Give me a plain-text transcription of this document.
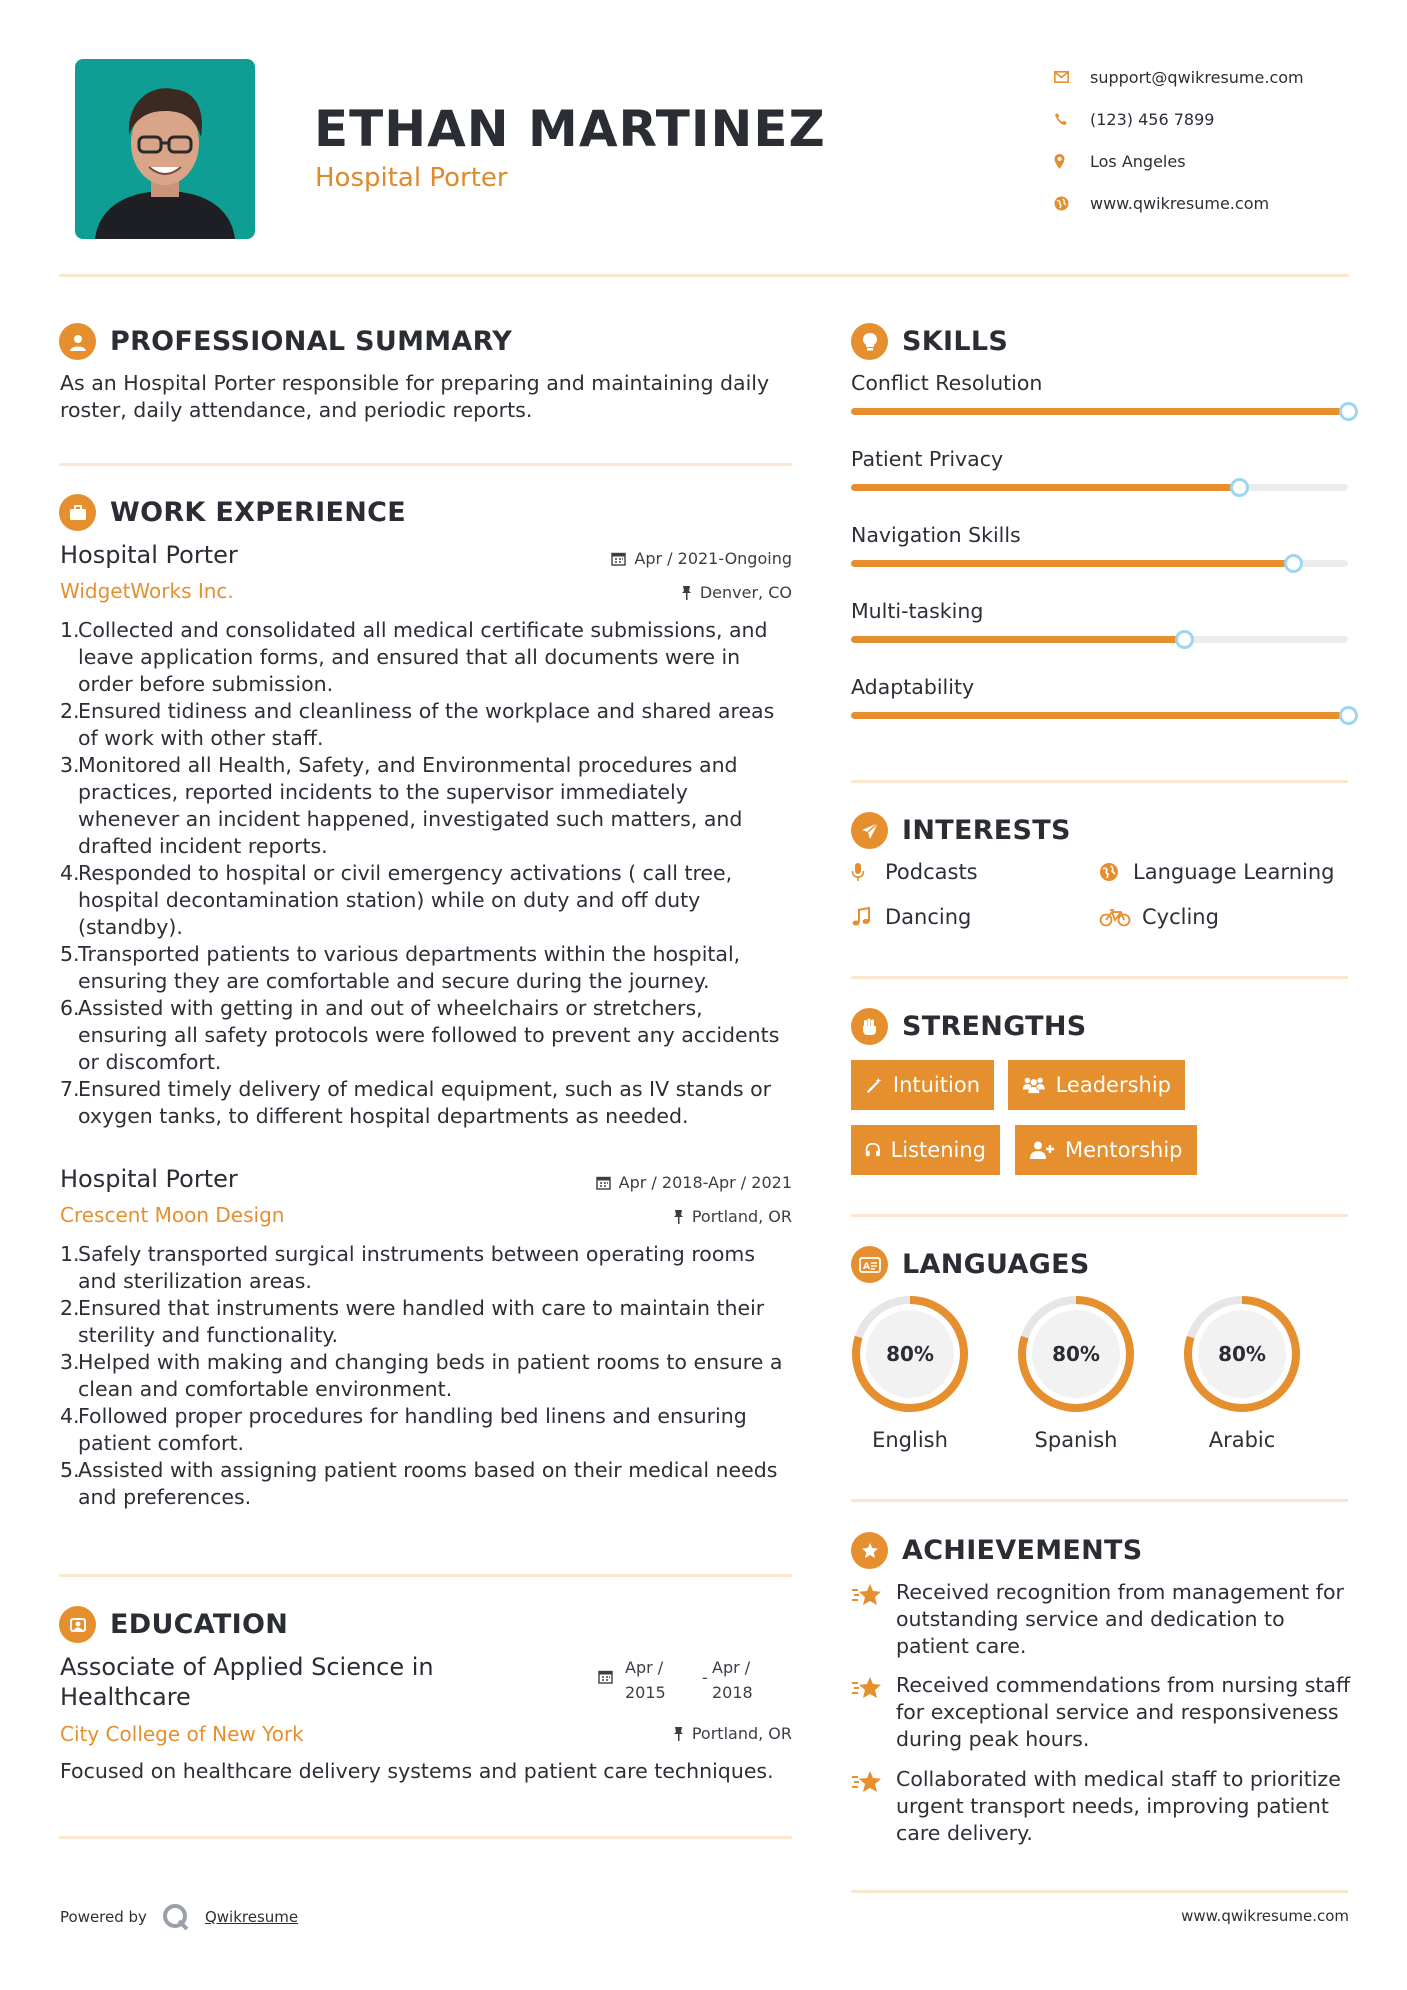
ETHAN MARTINEZ
Hospital Porter
support@qwikresume.com
(123) 456 7899
Los Angeles
www.qwikresume.com
PROFESSIONAL SUMMARY
As an Hospital Porter responsible for preparing and maintaining daily roster, daily attendance, and periodic reports.
WORK EXPERIENCE
Hospital Porter	Apr / 2021-Ongoing
WidgetWorks Inc.	Denver, CO
1.
Collected and consolidated all medical certificate submissions, and leave application forms, and ensured that all documents were in order before submission.
2.
Ensured tidiness and cleanliness of the workplace and shared areas of work with other staff.
3.
Monitored all Health, Safety, and Environmental procedures and practices, reported incidents to the supervisor immediately whenever an incident happened, investigated such matters, and drafted incident reports.
4.
Responded to hospital or civil emergency activations ( call tree, hospital decontamination station) while on duty and off duty (standby).
5.
Transported patients to various departments within the hospital, ensuring they are comfortable and secure during the journey.
6.
Assisted with getting in and out of wheelchairs or stretchers, ensuring all safety protocols were followed to prevent any accidents or discomfort.
7.
Ensured timely delivery of medical equipment, such as IV stands or oxygen tanks, to different hospital departments as needed.
Hospital Porter	Apr / 2018-Apr / 2021
Crescent Moon Design	Portland, OR
1.
Safely transported surgical instruments between operating rooms and sterilization areas.
2.
Ensured that instruments were handled with care to maintain their sterility and functionality.
3.
Helped with making and changing beds in patient rooms to ensure a clean and comfortable environment.
4.
Followed proper procedures for handling bed linens and ensuring patient comfort.
5.
Assisted with assigning patient rooms based on their medical needs and preferences.
EDUCATION
Associate of Applied Science in Healthcare
Apr /
2015
-
Apr /
2018
City College of New York	Portland, OR
Focused on healthcare delivery systems and patient care techniques.
SKILLS
Conflict Resolution
Patient Privacy
Navigation Skills
Multi-tasking
Adaptability
INTERESTS
Podcasts	Language Learning
Dancing	Cycling
STRENGTHS
Intuition	Leadership
Listening	Mentorship
A LANGUAGES
80%
English
80%
Spanish
80%
Arabic
ACHIEVEMENTS
Received recognition from management for outstanding service and dedication to patient care.
Received commendations from nursing staff for exceptional service and responsiveness during peak hours.
Collaborated with medical staff to prioritize urgent transport needs, improving patient care delivery.
Powered by	Qwikresume	www.qwikresume.com
